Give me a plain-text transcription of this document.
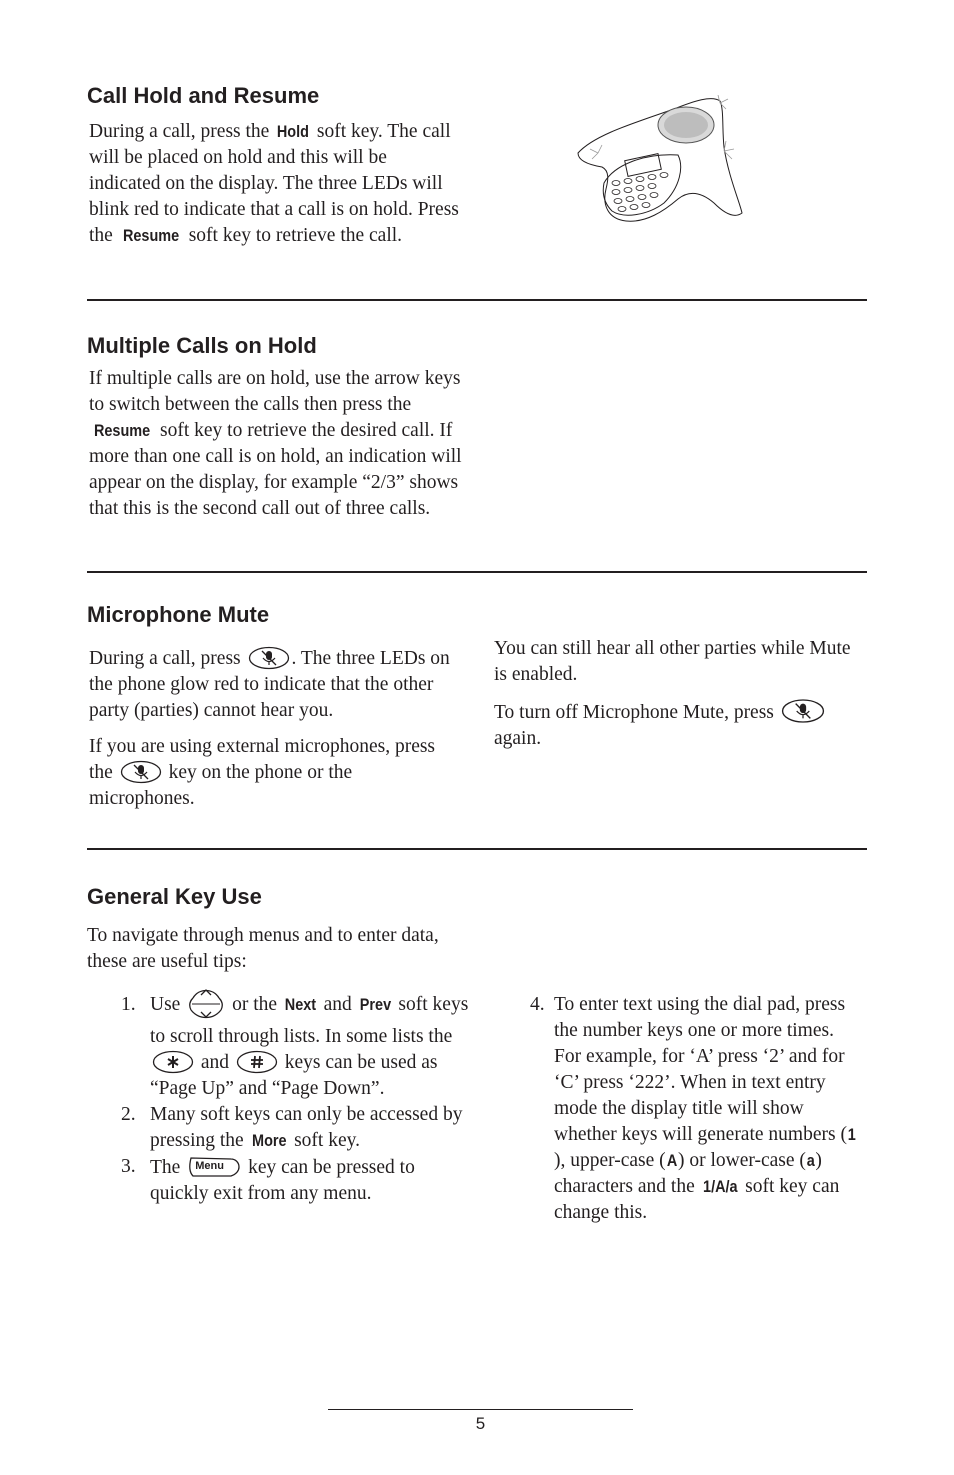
Call Hold and Resume

During a call, press the Hold soft key. The call will be placed on hold and this will be indicated on the display. The three LEDs will blink red to indicate that a call is on hold. Press the Resume soft key to retrieve the call.

Multiple Calls on Hold

If multiple calls are on hold, use the arrow keys to switch between the calls then press the Resume soft key to retrieve the desired call. If more than one call is on hold, an indication will appear on the display, for example “2/3” shows that this is the second call out of three calls.

Microphone Mute

During a call, press . The three LEDs on the phone glow red to indicate that the other party (parties) cannot hear you.

If you are using external microphones, press the  key on the phone or the microphones.

You can still hear all other parties while Mute is enabled.

To turn off Microphone Mute, press  again.

General Key Use
To navigate through menus and to enter data, these are useful tips:
1. Use  or the Next and Prev soft keys to scroll through lists. In some lists the  and  keys can be used as “Page Up” and “Page Down”.
2. Many soft keys can only be accessed by pressing the More soft key.
3. The Menu key can be pressed to quickly exit from any menu.
4. To enter text using the dial pad, press the number keys one or more times. For example, for ‘A’ press ‘2’ and for ‘C’ press ‘222’. When in text entry mode the display title will show whether keys will generate numbers (1), upper-case (A) or lower-case (a) characters and the 1/A/a soft key can change this.
5
